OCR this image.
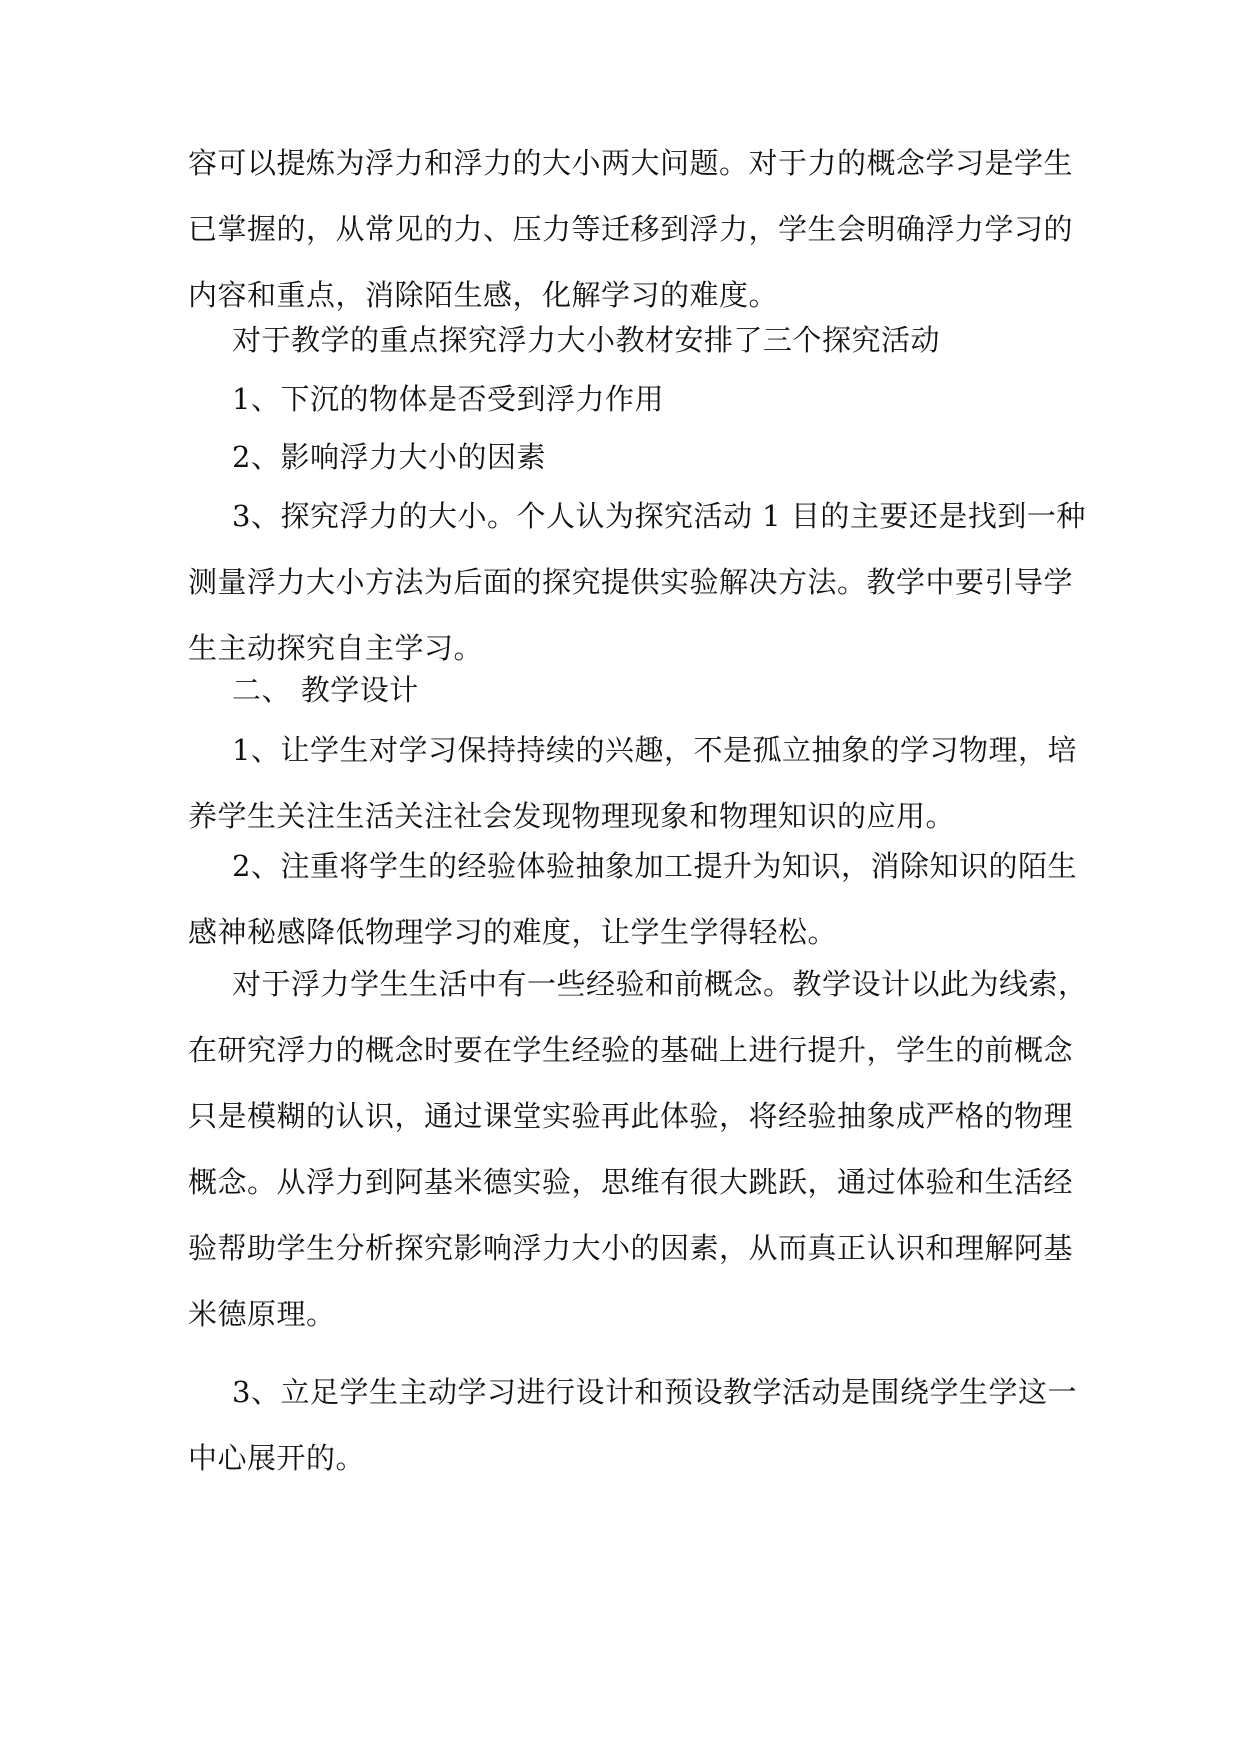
容可以提炼为浮力和浮力的大小两大问题。对于力的概念学习是学生
已掌握的，从常见的力、压力等迁移到浮力，学生会明确浮力学习的
内容和重点，消除陌生感，化解学习的难度。

对于教学的重点探究浮力大小教材安排了三个探究活动

1、下沉的物体是否受到浮力作用

2、影响浮力大小的因素

3、探究浮力的大小。个人认为探究活动 1 目的主要还是找到一种
测量浮力大小方法为后面的探究提供实验解决方法。教学中要引导学
生主动探究自主学习。

二、 教学设计

1、让学生对学习保持持续的兴趣，不是孤立抽象的学习物理，培
养学生关注生活关注社会发现物理现象和物理知识的应用。

2、注重将学生的经验体验抽象加工提升为知识，消除知识的陌生
感神秘感降低物理学习的难度，让学生学得轻松。

对于浮力学生生活中有一些经验和前概念。教学设计以此为线索，
在研究浮力的概念时要在学生经验的基础上进行提升，学生的前概念
只是模糊的认识，通过课堂实验再此体验，将经验抽象成严格的物理
概念。从浮力到阿基米德实验，思维有很大跳跃，通过体验和生活经
验帮助学生分析探究影响浮力大小的因素，从而真正认识和理解阿基
米德原理。

3、立足学生主动学习进行设计和预设教学活动是围绕学生学这一
中心展开的。
